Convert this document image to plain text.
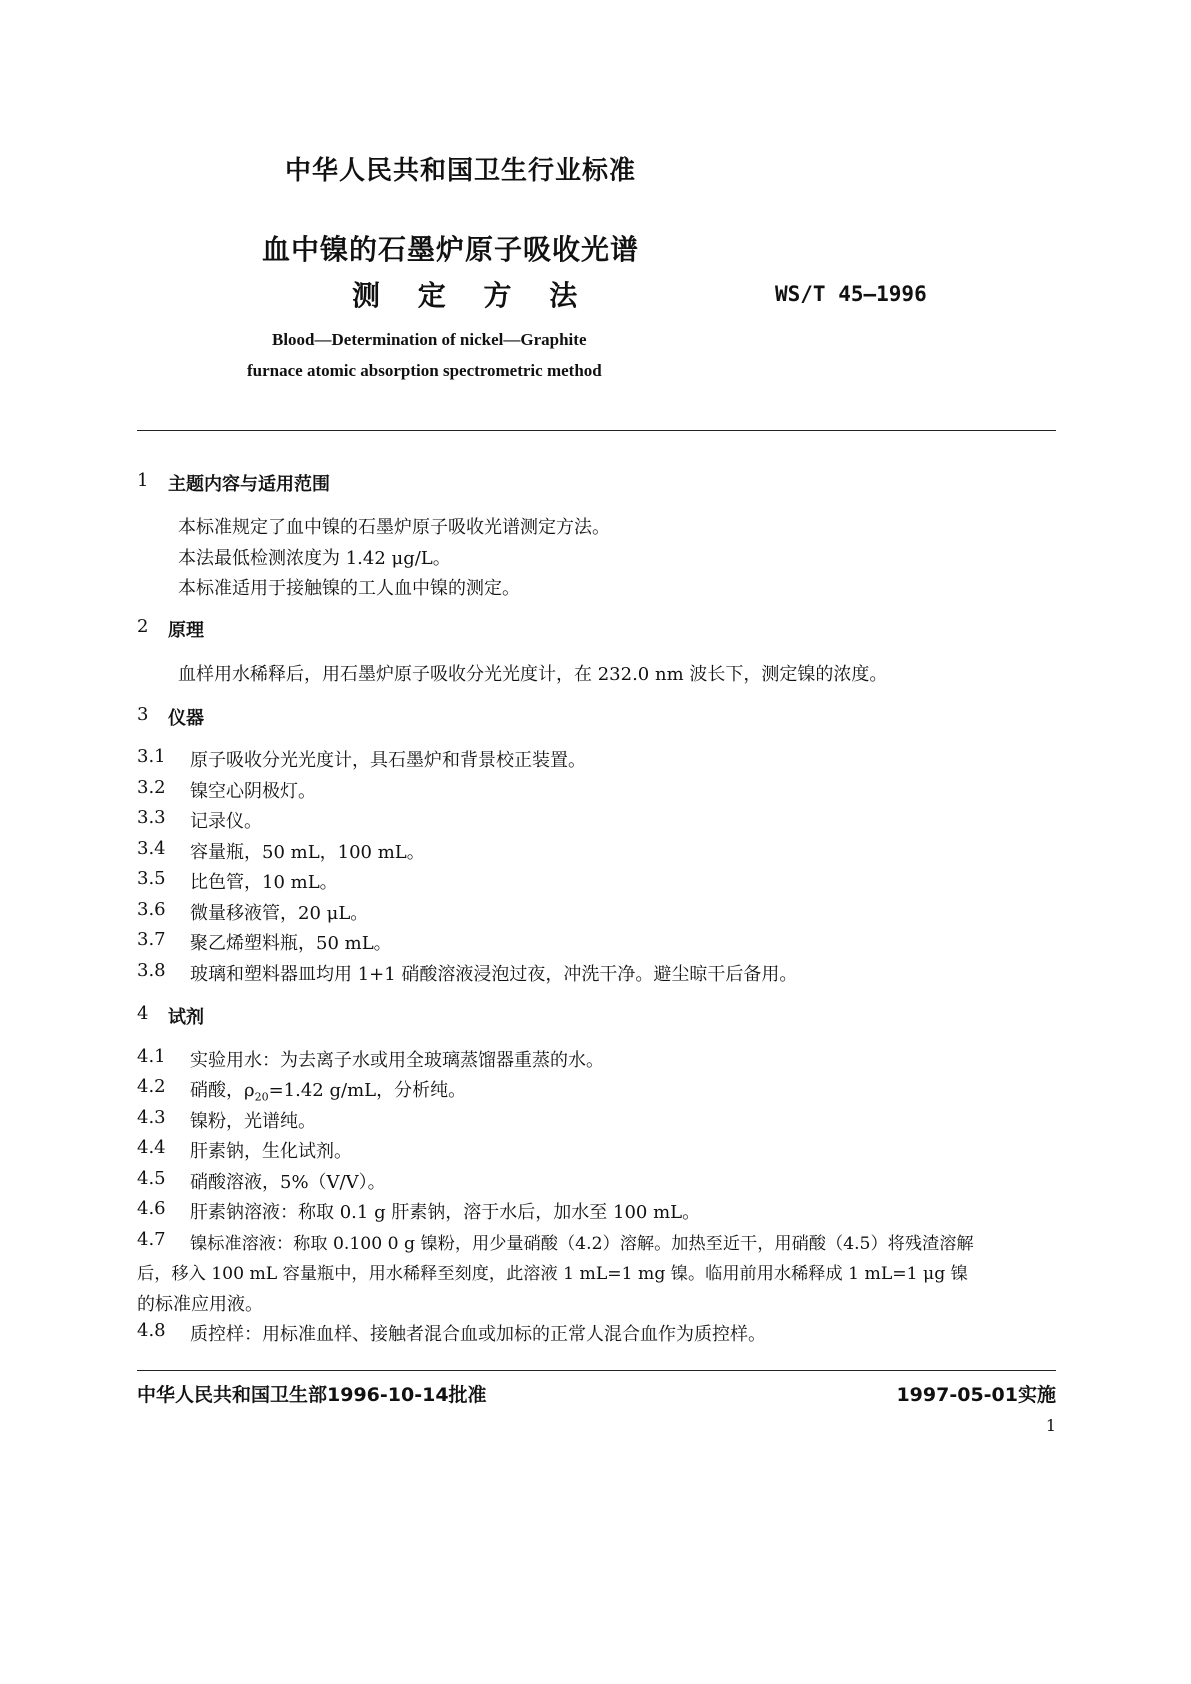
中华人民共和国卫生行业标准
血中镍的石墨炉原子吸收光谱
测 定 方 法	WS/T 45—1996
Blood—Determination of nickel—Graphite
furnace atomic absorption spectrometric method
1 主题内容与适用范围
本标准规定了血中镍的石墨炉原子吸收光谱测定方法。
本法最低检测浓度为 1.42 μg/L。
本标准适用于接触镍的工人血中镍的测定。
2 原理
血样用水稀释后，用石墨炉原子吸收分光光度计，在 232.0 nm 波长下，测定镍的浓度。
3 仪器
3.1 原子吸收分光光度计，具石墨炉和背景校正装置。
3.2 镍空心阴极灯。
3.3 记录仪。
3.4 容量瓶，50 mL，100 mL。
3.5 比色管，10 mL。
3.6 微量移液管，20 μL。
3.7 聚乙烯塑料瓶，50 mL。
3.8 玻璃和塑料器皿均用 1+1 硝酸溶液浸泡过夜，冲洗干净。避尘晾干后备用。
4 试剂
4.1 实验用水：为去离子水或用全玻璃蒸馏器重蒸的水。
4.2 硝酸，$\rho_{20}=1.42$ g/mL，分析纯。
4.3 镍粉，光谱纯。
4.4 肝素钠，生化试剂。
4.5 硝酸溶液，5%（V/V）。
4.6 肝素钠溶液：称取 0.1 g 肝素钠，溶于水后，加水至 100 mL。
4.7 镍标准溶液：称取 0.100 0 g 镍粉，用少量硝酸（4.2）溶解。加热至近干，用硝酸（4.5）将残渣溶解
后，移入 100 mL 容量瓶中，用水稀释至刻度，此溶液 1 mL=1 mg 镍。临用前用水稀释成 1 mL=1 μg 镍
的标准应用液。
4.8 质控样：用标准血样、接触者混合血或加标的正常人混合血作为质控样。
中华人民共和国卫生部1996-10-14批准	1997-05-01实施
1
